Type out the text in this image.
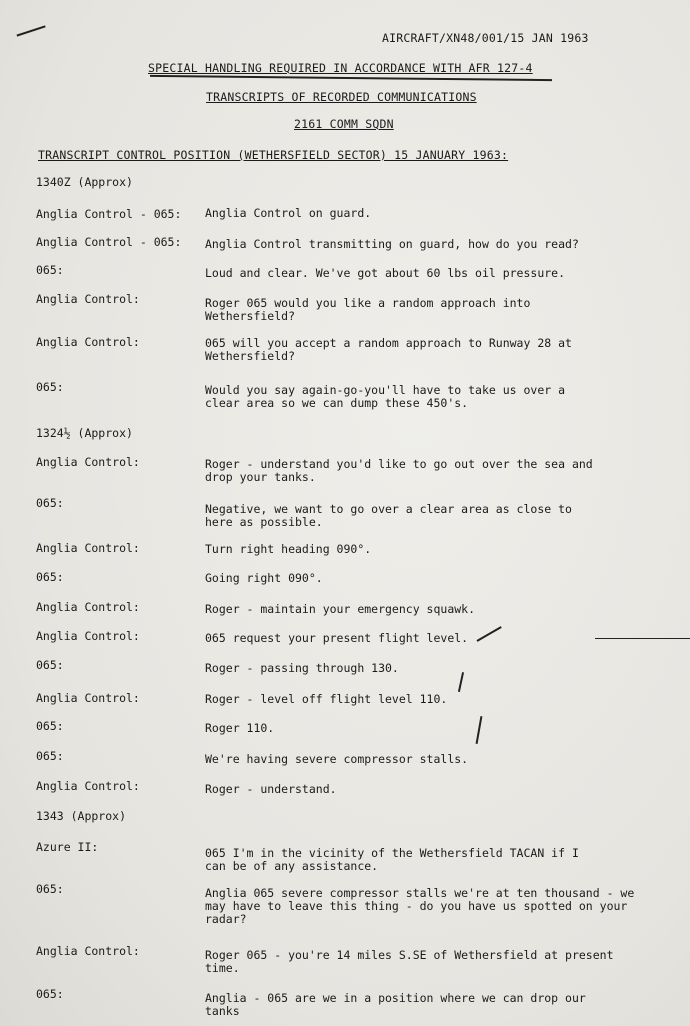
AIRCRAFT/XN48/001/15 JAN 1963
SPECIAL HANDLING REQUIRED IN ACCORDANCE WITH AFR 127-4
TRANSCRIPTS OF RECORDED COMMUNICATIONS
2161 COMM SQDN
TRANSCRIPT CONTROL POSITION (WETHERSFIELD SECTOR) 15 JANUARY 1963:
1340Z (Approx)
Anglia Control - 065: Anglia Control on guard.
Anglia Control - 065: Anglia Control transmitting on guard, how do you read?
065:	Loud and clear. We've got about 60 lbs oil pressure.
Anglia Control:	Roger 065 would you like a random approach into Wethersfield?
Anglia Control:	065 will you accept a random approach to Runway 28 at Wethersfield?
065:	Would you say again-go-you'll have to take us over a clear area so we can dump these 450's.
1324½ (Approx)
Anglia Control:	Roger - understand you'd like to go out over the sea and drop your tanks.
065:	Negative, we want to go over a clear area as close to here as possible.
Anglia Control:	Turn right heading 090°.
065:	Going right 090°.
Anglia Control:	Roger - maintain your emergency squawk.
Anglia Control:	065 request your present flight level.
065:	Roger - passing through 130.
Anglia Control:	Roger - level off flight level 110.
065:	Roger 110.
065:	We're having severe compressor stalls.
Anglia Control:	Roger - understand.
1343 (Approx)
Azure II:	065 I'm in the vicinity of the Wethersfield TACAN if I can be of any assistance.
065:	Anglia 065 severe compressor stalls we're at ten thousand - we may have to leave this thing - do you have us spotted on your radar?
Anglia Control:	Roger 065 - you're 14 miles S.SE of Wethersfield at present time.
065:	Anglia - 065 are we in a position where we can drop our tanks
